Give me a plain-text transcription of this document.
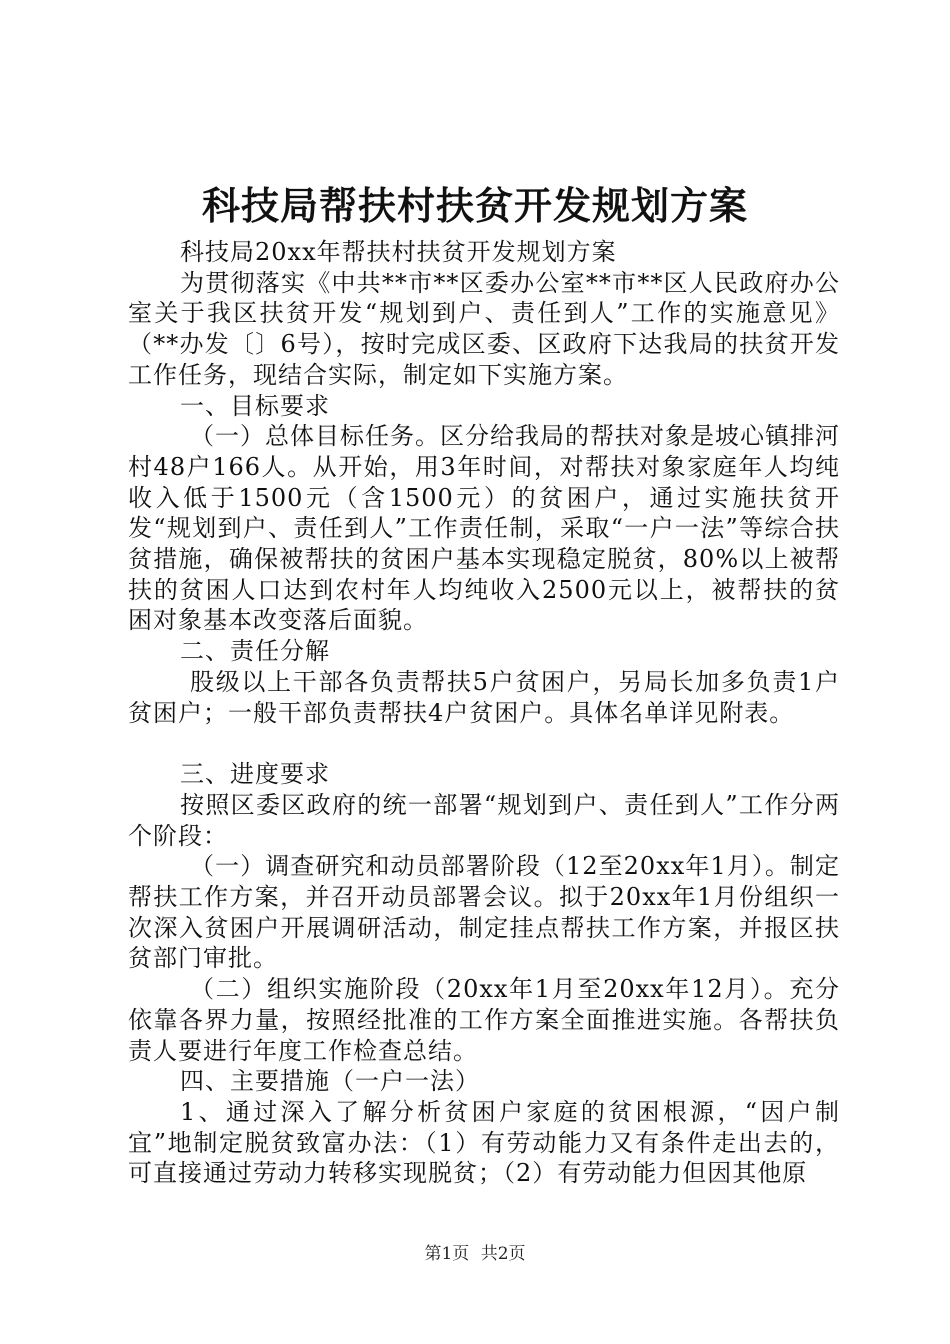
科技局帮扶村扶贫开发规划方案

科技局20xx年帮扶村扶贫开发规划方案

为贯彻落实《中共**市**区委办公室**市**区人民政府办公室关于我区扶贫开发“规划到户、责任到人”工作的实施意见》（**办发〔〕6号），按时完成区委、区政府下达我局的扶贫开发工作任务，现结合实际，制定如下实施方案。

一、目标要求

（一）总体目标任务。区分给我局的帮扶对象是坡心镇排河村48户166人。从开始，用3年时间，对帮扶对象家庭年人均纯收入低于1500元（含1500元）的贫困户，通过实施扶贫开发“规划到户、责任到人”工作责任制，采取“一户一法”等综合扶贫措施，确保被帮扶的贫困户基本实现稳定脱贫，80%以上被帮扶的贫困人口达到农村年人均纯收入2500元以上，被帮扶的贫困对象基本改变落后面貌。

二、责任分解

股级以上干部各负责帮扶5户贫困户，另局长加多负责1户贫困户；一般干部负责帮扶4户贫困户。具体名单详见附表。

三、进度要求

按照区委区政府的统一部署“规划到户、责任到人”工作分两个阶段：

（一）调查研究和动员部署阶段（12至20xx年1月）。制定帮扶工作方案，并召开动员部署会议。拟于20xx年1月份组织一次深入贫困户开展调研活动，制定挂点帮扶工作方案，并报区扶贫部门审批。

（二）组织实施阶段（20xx年1月至20xx年12月）。充分依靠各界力量，按照经批准的工作方案全面推进实施。各帮扶负责人要进行年度工作检查总结。

四、主要措施（一户一法）

1、通过深入了解分析贫困户家庭的贫困根源，“因户制宜”地制定脱贫致富办法：（1）有劳动能力又有条件走出去的，可直接通过劳动力转移实现脱贫；（2）有劳动能力但因其他原

第1页 共2页
